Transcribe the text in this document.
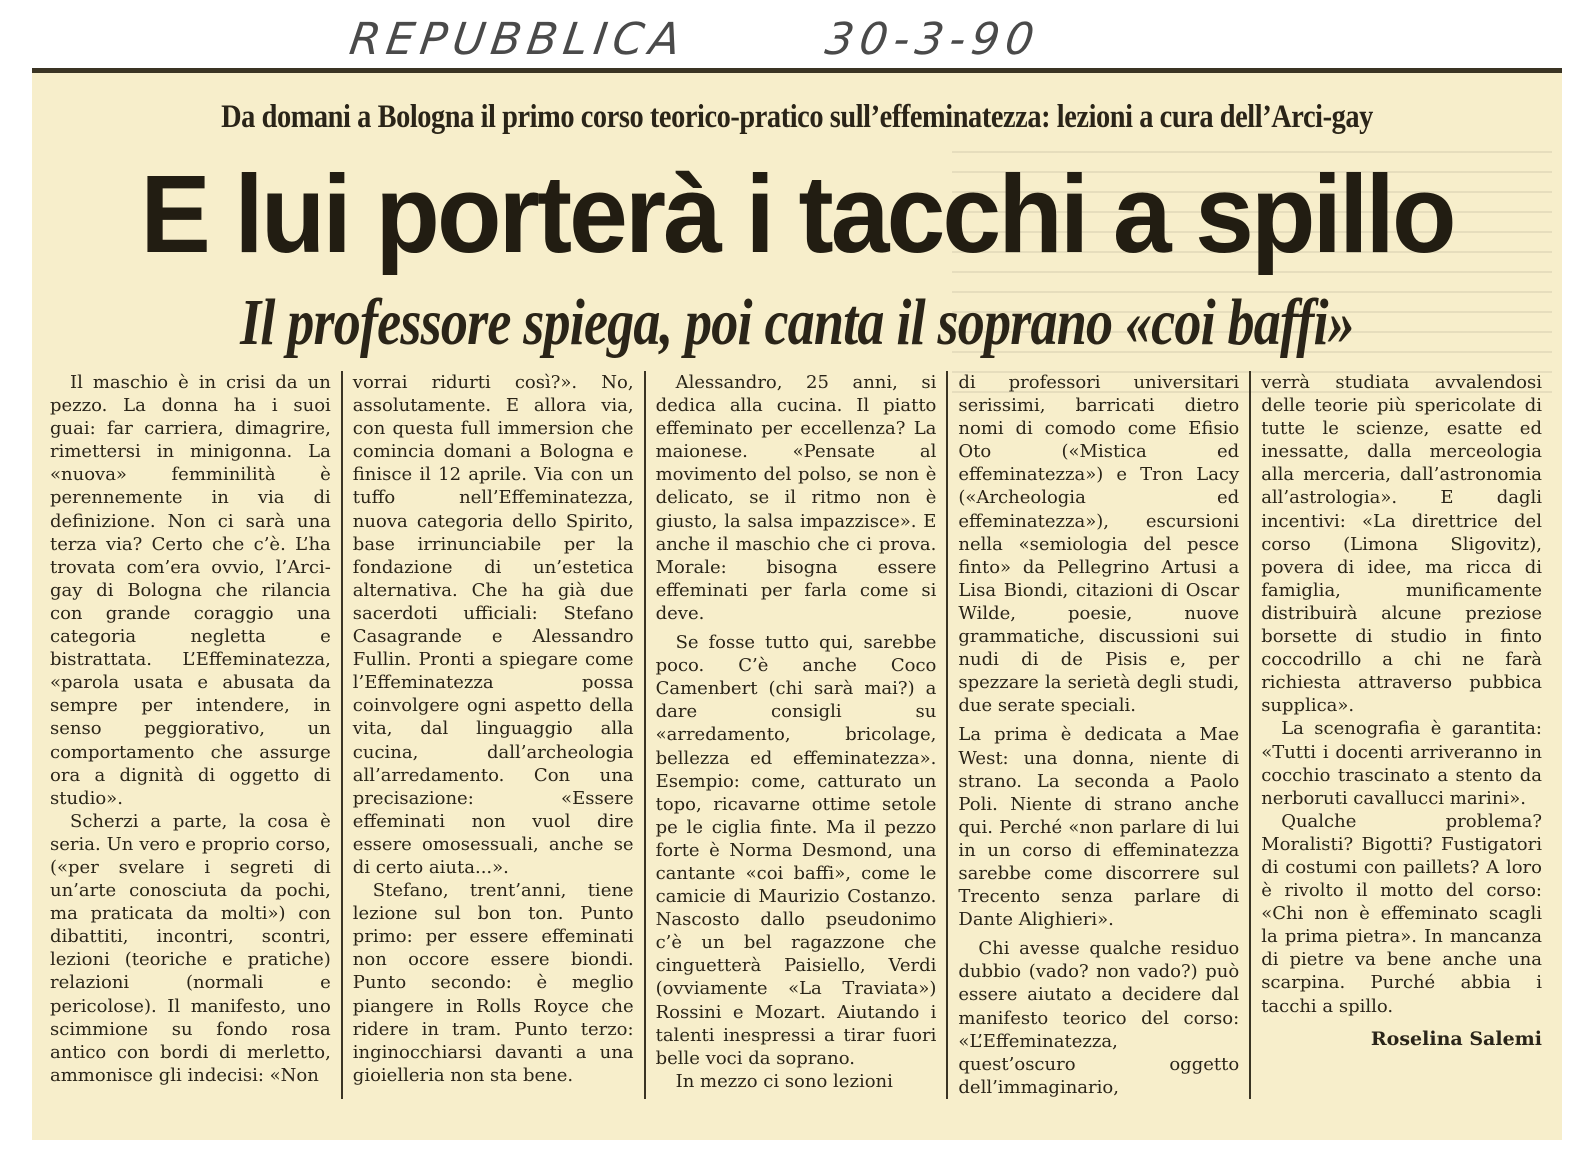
REPUBBLICA	30-3-90
Da domani a Bologna il primo corso teorico-pratico sull’effeminatezza: lezioni a cura dell’Arci-gay
E lui porterà i tacchi a spillo
Il professore spiega, poi canta il soprano «coi baffi»

Il maschio è in crisi da un pezzo. La donna ha i suoi guai: far carriera, dimagrire, rimettersi in minigonna. La «nuova» femminilità è perennemente in via di definizione. Non ci sarà una terza via? Certo che c’è. L’ha trovata com’era ovvio, l’Arci-gay di Bologna che rilancia con grande coraggio una categoria negletta e bistrattata. L’Effeminatezza, «parola usata e abusata da sempre per intendere, in senso peggiorativo, un comportamento che assurge ora a dignità di oggetto di studio».

Scherzi a parte, la cosa è seria. Un vero e proprio corso, («per svelare i segreti di un’arte conosciuta da pochi, ma praticata da molti») con dibattiti, incontri, scontri, lezioni (teoriche e pratiche) relazioni (normali e pericolose). Il manifesto, uno scimmione su fondo rosa antico con bordi di merletto, ammonisce gli indecisi: «Non

vorrai ridurti così?». No, assolutamente. E allora via, con questa full immersion che comincia domani a Bologna e finisce il 12 aprile. Via con un tuffo nell’Effeminatezza, nuova categoria dello Spirito, base irrinunciabile per la fondazione di un’estetica alternativa. Che ha già due sacerdoti ufficiali: Stefano Casagrande e Alessandro Fullin. Pronti a spiegare come l’Effeminatezza possa coinvolgere ogni aspetto della vita, dal linguaggio alla cucina, dall’archeologia all’arredamento. Con una precisazione: «Essere effeminati non vuol dire essere omosessuali, anche se di certo aiuta...».

Stefano, trent’anni, tiene lezione sul bon ton. Punto primo: per essere effeminati non occore essere biondi. Punto secondo: è meglio piangere in Rolls Royce che ridere in tram. Punto terzo: inginocchiarsi davanti a una gioielleria non sta bene.

Alessandro, 25 anni, si dedica alla cucina. Il piatto effeminato per eccellenza? La maionese. «Pensate al movimento del polso, se non è delicato, se il ritmo non è giusto, la salsa impazzisce». E anche il maschio che ci prova. Morale: bisogna essere effeminati per farla come si deve.

Se fosse tutto qui, sarebbe poco. C’è anche Coco Camenbert (chi sarà mai?) a dare consigli su «arredamento, bricolage, bellezza ed effeminatezza». Esempio: come, catturato un topo, ricavarne ottime setole pe le ciglia finte. Ma il pezzo forte è Norma Desmond, una cantante «coi baffi», come le camicie di Maurizio Costanzo. Nascosto dallo pseudonimo c’è un bel ragazzone che cinguetterà Paisiello, Verdi (ovviamente «La Traviata») Rossini e Mozart. Aiutando i talenti inespressi a tirar fuori belle voci da soprano.

In mezzo ci sono lezioni

di professori universitari serissimi, barricati dietro nomi di comodo come Efisio Oto («Mistica ed effeminatezza») e Tron Lacy («Archeologia ed effeminatezza»), escursioni nella «semiologia del pesce finto» da Pellegrino Artusi a Lisa Biondi, citazioni di Oscar Wilde, poesie, nuove grammatiche, discussioni sui nudi di de Pisis e, per spezzare la serietà degli studi, due serate speciali.

La prima è dedicata a Mae West: una donna, niente di strano. La seconda a Paolo Poli. Niente di strano anche qui. Perché «non parlare di lui in un corso di effeminatezza sarebbe come discorrere sul Trecento senza parlare di Dante Alighieri».

Chi avesse qualche residuo dubbio (vado? non vado?) può essere aiutato a decidere dal manifesto teorico del corso: «L’Effeminatezza, quest’oscuro oggetto dell’immaginario,

verrà studiata avvalendosi delle teorie più spericolate di tutte le scienze, esatte ed inessatte, dalla merceologia alla merceria, dall’astronomia all’astrologia». E dagli incentivi: «La direttrice del corso (Limona Sligovitz), povera di idee, ma ricca di famiglia, munificamente distribuirà alcune preziose borsette di studio in finto coccodrillo a chi ne farà richiesta attraverso pubbica supplica».

La scenografia è garantita: «Tutti i docenti arriveranno in cocchio trascinato a stento da nerboruti cavallucci marini».

Qualche problema? Moralisti? Bigotti? Fustigatori di costumi con paillets? A loro è rivolto il motto del corso: «Chi non è effeminato scagli la prima pietra». In mancanza di pietre va bene anche una scarpina. Purché abbia i tacchi a spillo.

Roselina Salemi
